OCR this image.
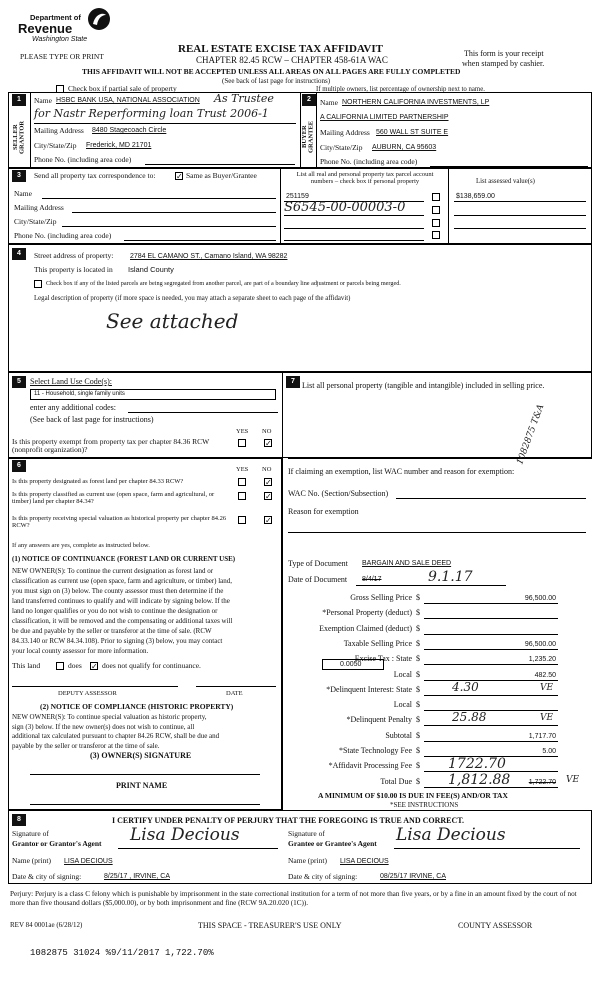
Department of
Revenue
Washington State
PLEASE TYPE OR PRINT
REAL ESTATE EXCISE TAX AFFIDAVIT
CHAPTER 82.45 RCW – CHAPTER 458-61A WAC
THIS AFFIDAVIT WILL NOT BE ACCEPTED UNLESS ALL AREAS ON ALL PAGES ARE FULLY COMPLETED
(See back of last page for instructions)
This form is your receipt
when stamped by cashier.
Check box if partial sale of property	If multiple owners, list percentage of ownership next to name.
1
SELLER GRANTOR
Name HSBC BANK USA, NATIONAL ASSOCIATION As Trustee
for Nastr Reperforming loan Trust 2006-1
Mailing Address 8480 Stagecoach Circle
City/State/Zip Frederick, MD 21701
Phone No. (including area code)
2
BUYER GRANTEE
Name NORTHERN CALIFORNIA INVESTMENTS, LP
A CALIFORNIA LIMITED PARTNERSHIP
Mailing Address 560 WALL ST SUITE E
City/State/Zip AUBURN, CA 95603
Phone No. (including area code)
3	Send all property tax correspondence to:	✓ Same as Buyer/Grantee
Name
Mailing Address
City/State/Zip
Phone No. (including area code)
List all real and personal property tax parcel account numbers – check box if personal property	List assessed value(s)
251159
S6545-00-00003-0
$138,659.00
4	Street address of property: 2784 EL CAMANO ST., Camano Island, WA 98282
This property is located in Island County
Check box if any of the listed parcels are being segregated from another parcel, are part of a boundary line adjustment or parcels being merged.
Legal description of property (if more space is needed, you may attach a separate sheet to each page of the affidavit)
See attached
5	Select Land Use Code(s):
11 - Household, single family units
enter any additional codes:
(See back of last page for instructions)
YES NO
Is this property exempt from property tax per chapter 84.36 RCW (nonprofit organization)?
✓
7 List all personal property (tangible and intangible) included in selling price.
1082875 T&A
6
YES NO
Is this property designated as forest land per chapter 84.33 RCW?	✓
Is this property classified as current use (open space, farm and agricultural, or timber) land per chapter 84.34?
✓
Is this property receiving special valuation as historical property per chapter 84.26 RCW?
✓
If any answers are yes, complete as instructed below.
(1) NOTICE OF CONTINUANCE (FOREST LAND OR CURRENT USE)
NEW OWNER(S): To continue the current designation as forest land or
classification as current use (open space, farm and agriculture, or timber) land,
you must sign on (3) below. The county assessor must then determine if the
land transferred continues to qualify and will indicate by signing below. If the
land no longer qualifies or you do not wish to continue the designation or
classification, it will be removed and the compensating or additional taxes will
be due and payable by the seller or transferor at the time of sale. (RCW
84.33.140 or RCW 84.34.108). Prior to signing (3) below, you may contact
your local county assessor for more information.
This land	does ✓ does not qualify for continuance.
DEPUTY ASSESSOR	DATE
(2) NOTICE OF COMPLIANCE (HISTORIC PROPERTY)
NEW OWNER(S): To continue special valuation as historic property,
sign (3) below. If the new owner(s) does not wish to continue, all
additional tax calculated pursuant to chapter 84.26 RCW, shall be due and
payable by the seller or transferor at the time of sale.
(3) OWNER(S) SIGNATURE
PRINT NAME
If claiming an exemption, list WAC number and reason for exemption:
WAC No. (Section/Subsection)
Reason for exemption
Type of Document BARGAIN AND SALE DEED
Date of Document 8/4/17	9.1.17
Gross Selling Price $	96,500.00
*Personal Property (deduct) $
Exemption Claimed (deduct) $
Taxable Selling Price $	96,500.00
Excise Tax : State $	1,235.20
Local $	482.50
*Delinquent Interest: State $	4.30	VE
Local $
*Delinquent Penalty $	25.88	VE
Subtotal $	1,717.70
*State Technology Fee $	5.00
*Affidavit Processing Fee $ 1722.70
Total Due $	1,722.70
1,812.88	VE
0.0050
A MINIMUM OF $10.00 IS DUE IN FEE(S) AND/OR TAX
*SEE INSTRUCTIONS
8	I CERTIFY UNDER PENALTY OF PERJURY THAT THE FOREGOING IS TRUE AND CORRECT.
Signature of
Grantor or Grantor's Agent Lisa Decious
Name (print) LISA DECIOUS
Date & city of signing:	8/25/17 , IRVINE, CA
Signature of
Grantee or Grantee's Agent Lisa Decious
Name (print) LISA DECIOUS
Date & city of signing:	08/25/17 IRVINE, CA
Perjury: Perjury is a class C felony which is punishable by imprisonment in the state correctional institution for a term of not more than five years, or by a fine in an amount fixed by the court of not more than five thousand dollars ($5,000.00), or by both imprisonment and fine (RCW 9A.20.020 (1C)).
REV 84 0001ae (6/28/12)	THIS SPACE - TREASURER'S USE ONLY	COUNTY ASSESSOR
1082875 31024 %9/11/2017 1,722.70%
